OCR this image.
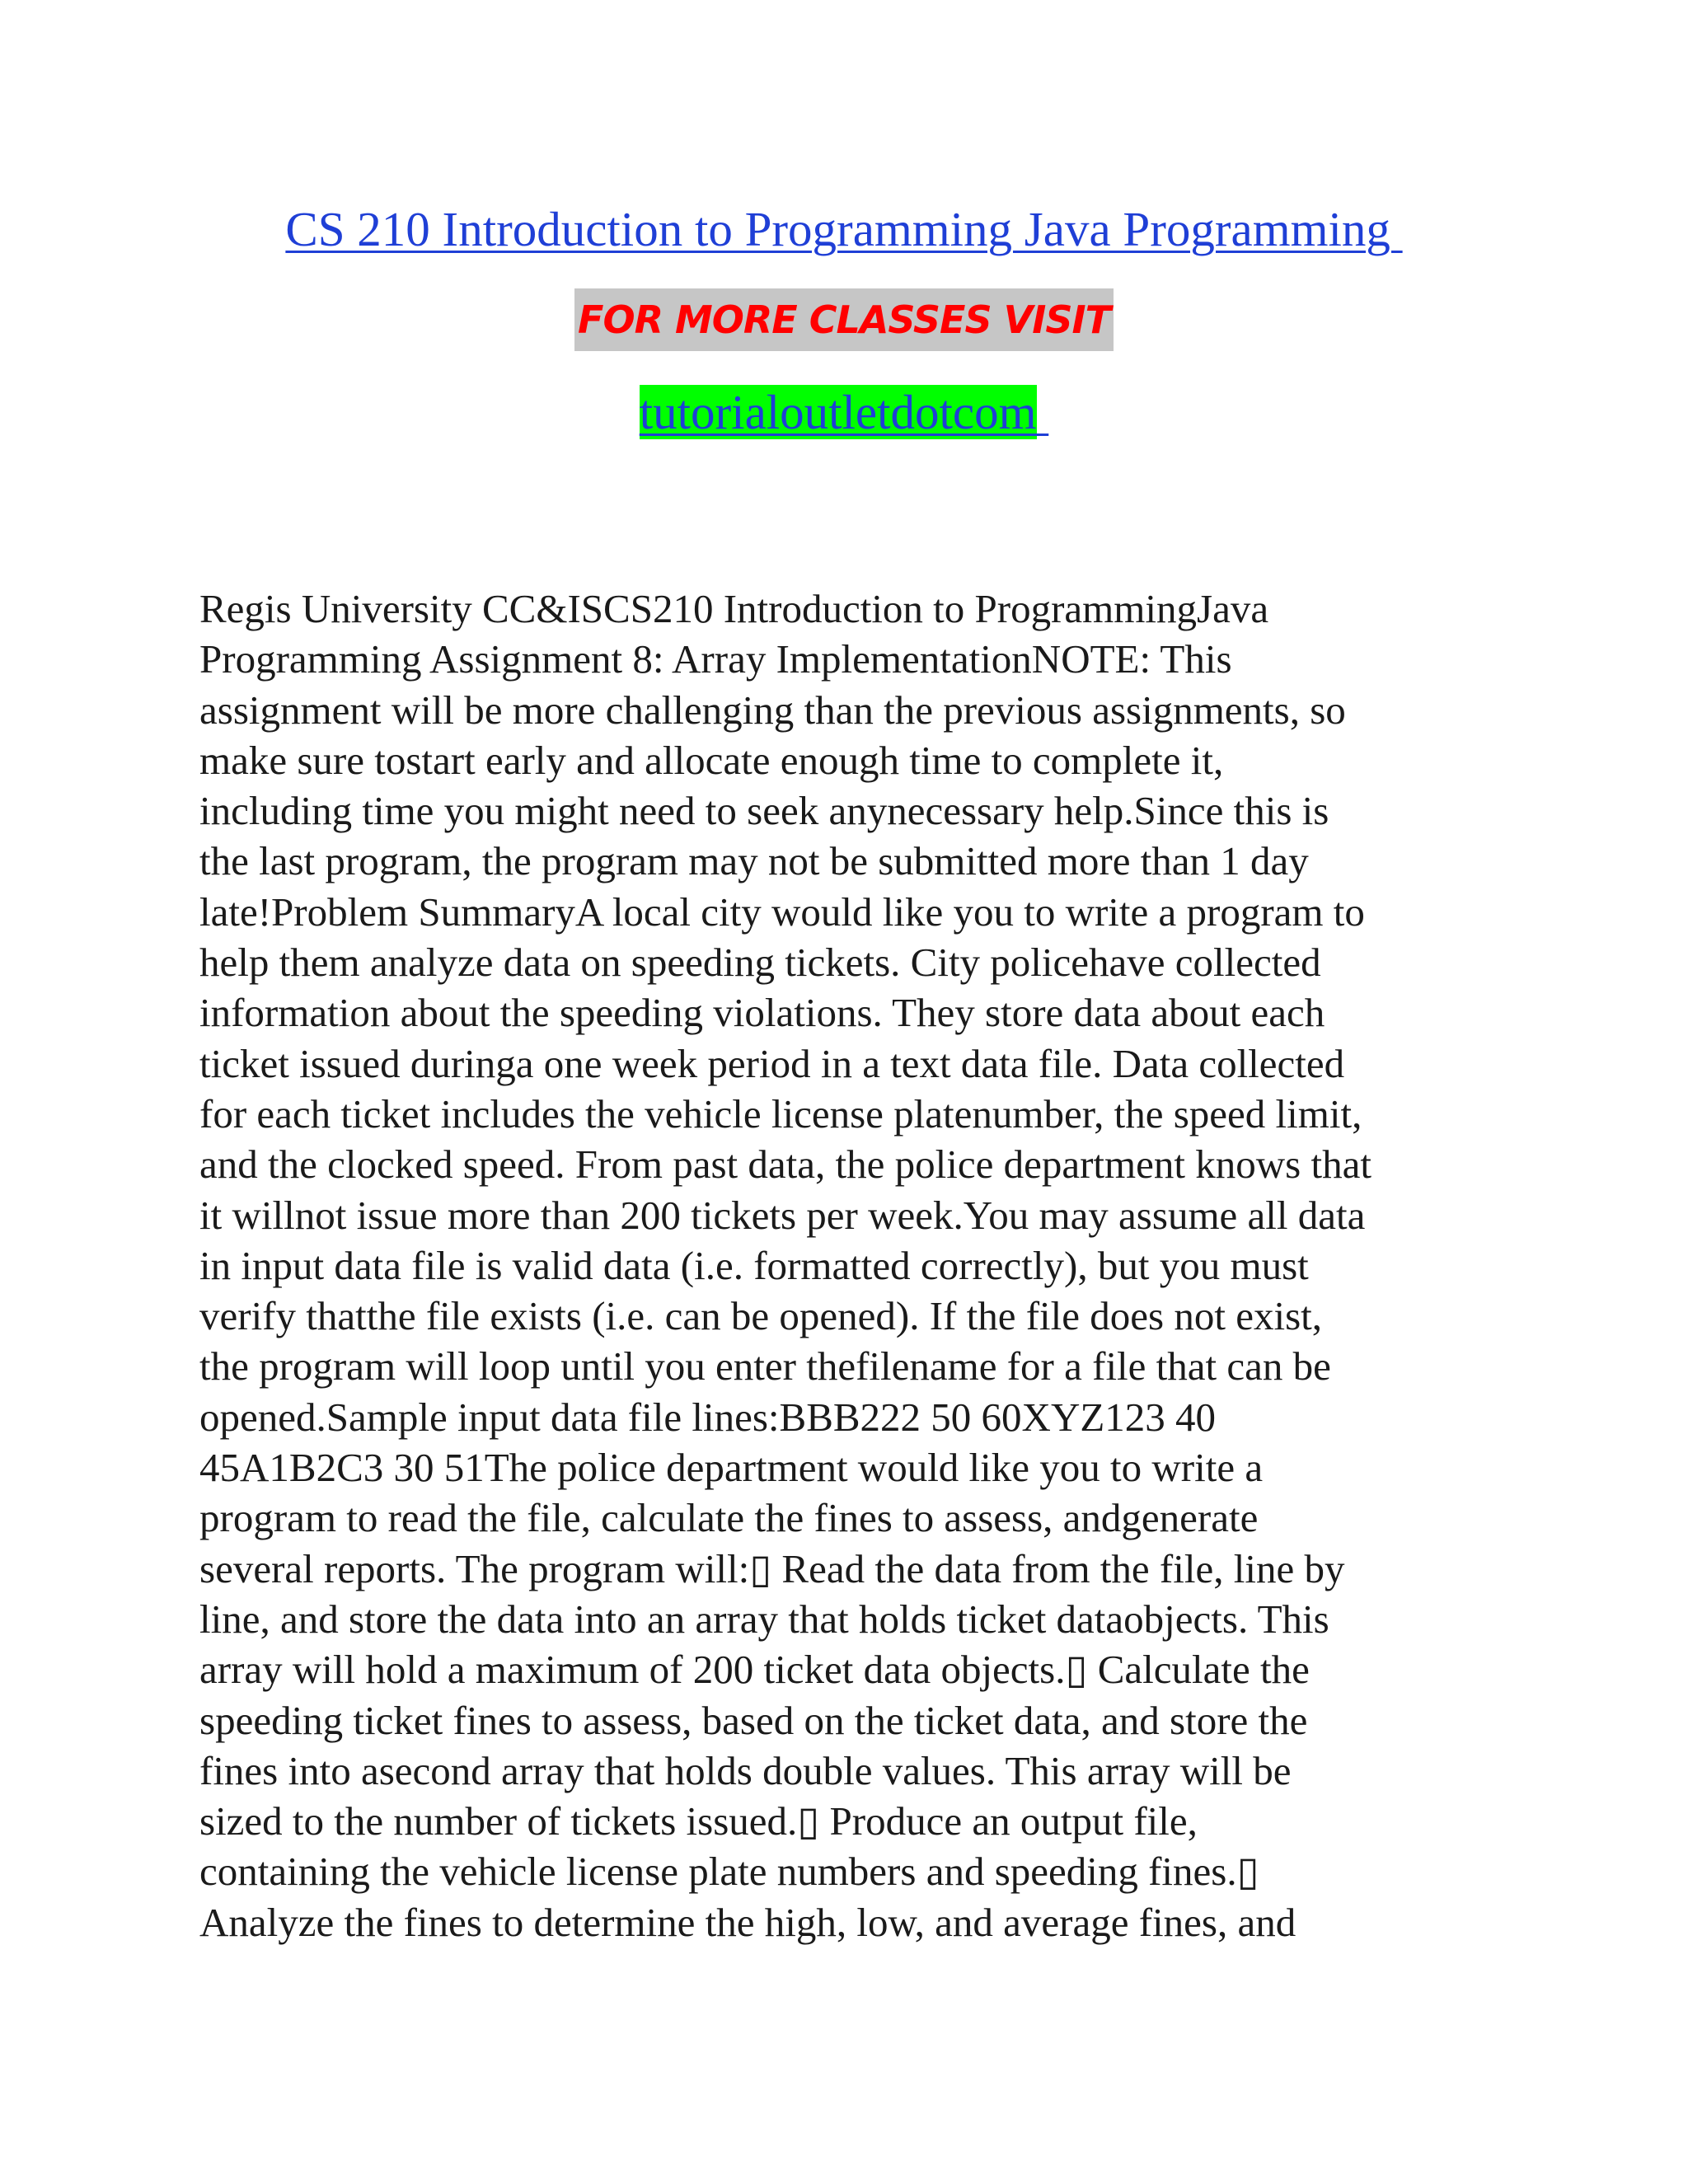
CS 210 Introduction to Programming Java Programming
FOR MORE CLASSES VISIT
tutorialoutletdotcom
Regis University CC&ISCS210 Introduction to ProgrammingJava
Programming Assignment 8: Array ImplementationNOTE: This
assignment will be more challenging than the previous assignments, so
make sure tostart early and allocate enough time to complete it,
including time you might need to seek anynecessary help.Since this is
the last program, the program may not be submitted more than 1 day
late!Problem SummaryA local city would like you to write a program to
help them analyze data on speeding tickets. City policehave collected
information about the speeding violations. They store data about each
ticket issued duringa one week period in a text data file. Data collected
for each ticket includes the vehicle license platenumber, the speed limit,
and the clocked speed. From past data, the police department knows that
it willnot issue more than 200 tickets per week.You may assume all data
in input data file is valid data (i.e. formatted correctly), but you must
verify thatthe file exists (i.e. can be opened). If the file does not exist,
the program will loop until you enter thefilename for a file that can be
opened.Sample input data file lines:BBB222 50 60XYZ123 40
45A1B2C3 30 51The police department would like you to write a
program to read the file, calculate the fines to assess, andgenerate
several reports. The program will:▯ Read the data from the file, line by
line, and store the data into an array that holds ticket dataobjects. This
array will hold a maximum of 200 ticket data objects.▯ Calculate the
speeding ticket fines to assess, based on the ticket data, and store the
fines into asecond array that holds double values. This array will be
sized to the number of tickets issued.▯ Produce an output file,
containing the vehicle license plate numbers and speeding fines.▯
Analyze the fines to determine the high, low, and average fines, and
